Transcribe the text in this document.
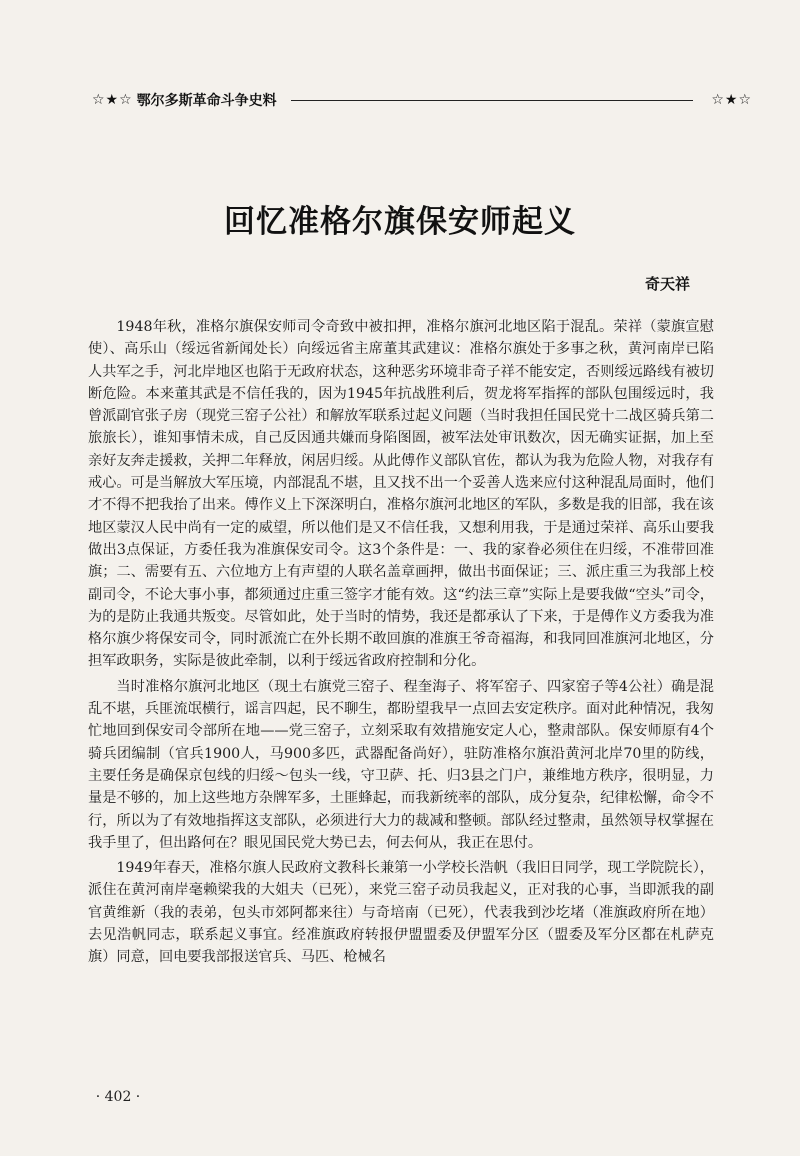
☆★☆ 鄂尔多斯革命斗争史料	☆★☆
回忆准格尔旗保安师起义
奇天祥

1948年秋，准格尔旗保安师司令奇致中被扣押，准格尔旗河北地区陷于混乱。荣祥（蒙旗宣慰使）、高乐山（绥远省新闻处长）向绥远省主席董其武建议：准格尔旗处于多事之秋，黄河南岸已陷人共军之手，河北岸地区也陷于无政府状态，这种恶劣环境非奇子祥不能安定，否则绥远路线有被切断危险。本来董其武是不信任我的，因为1945年抗战胜利后，贺龙将军指挥的部队包围绥远时，我曾派副官张子房（现党三窑子公社）和解放军联系过起义问题（当时我担任国民党十二战区骑兵第二旅旅长），谁知事情未成，自己反因通共嫌而身陷图圄，被军法处审讯数次，因无确实证据，加上至亲好友奔走援救，关押二年释放，闲居归绥。从此傅作义部队官佐，都认为我为危险人物，对我存有戒心。可是当解放大军压境，内部混乱不堪，且又找不出一个妥善人选来应付这种混乱局面时，他们才不得不把我抬了出来。傅作义上下深深明白，准格尔旗河北地区的军队，多数是我的旧部，我在该地区蒙汉人民中尚有一定的威望，所以他们是又不信任我，又想利用我，于是通过荣祥、高乐山要我做出3点保证，方委任我为准旗保安司令。这3个条件是：一、我的家眷必须住在归绥，不准带回准旗；二、需要有五、六位地方上有声望的人联名盖章画押，做出书面保证；三、派庄重三为我部上校副司令，不论大事小事，都须通过庄重三签字才能有效。这“约法三章”实际上是要我做“空头”司令，为的是防止我通共叛变。尽管如此，处于当时的情势，我还是都承认了下来，于是傅作义方委我为准格尔旗少将保安司令，同时派流亡在外长期不敢回旗的准旗王爷奇福海，和我同回准旗河北地区，分担军政职务，实际是彼此牵制，以利于绥远省政府控制和分化。

当时准格尔旗河北地区（现土右旗党三窑子、程奎海子、将军窑子、四家窑子等4公社）确是混乱不堪，兵匪流氓横行，谣言四起，民不聊生，都盼望我早一点回去安定秩序。面对此种情况，我匆忙地回到保安司令部所在地——党三窑子，立刻采取有效措施安定人心，整肃部队。保安师原有4个骑兵团编制（官兵1900人，马900多匹，武器配备尚好），驻防准格尔旗沿黄河北岸70里的防线，主要任务是确保京包线的归绥～包头一线，守卫萨、托、归3县之门户，兼维地方秩序，很明显，力量是不够的，加上这些地方杂牌军多，土匪蜂起，而我新统率的部队，成分复杂，纪律松懈，命令不行，所以为了有效地指挥这支部队，必须进行大力的裁减和整顿。部队经过整肃，虽然领导权掌握在我手里了，但出路何在？眼见国民党大势已去，何去何从，我正在思付。

1949年春天，准格尔旗人民政府文教科长兼第一小学校长浩帆（我旧日同学，现工学院院长），派住在黄河南岸毫赖梁我的大姐夫（已死），来党三窑子动员我起义，正对我的心事，当即派我的副官黄维新（我的表弟，包头市郊阿都来往）与奇培南（已死），代表我到沙圪堵（准旗政府所在地）去见浩帆同志，联系起义事宜。经准旗政府转报伊盟盟委及伊盟军分区（盟委及军分区都在札萨克旗）同意，回电要我部报送官兵、马匹、枪械名

· 402 ·
